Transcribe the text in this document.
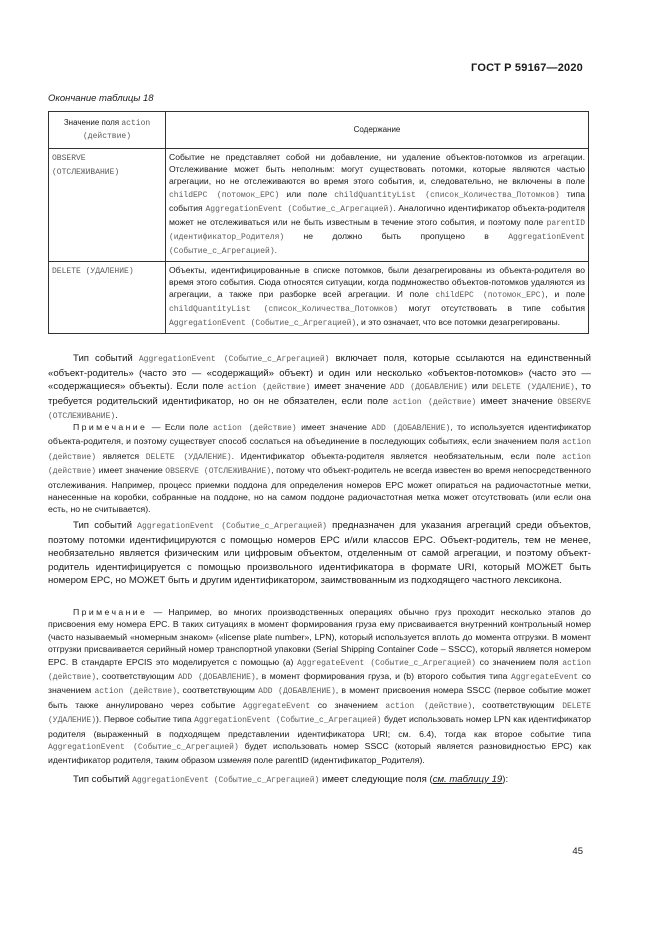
ГОСТ Р 59167—2020
Окончание таблицы 18
Значение поля action
(действие)	Содержание
OBSERVE
(ОТСЛЕЖИВАНИЕ)	Событие не представляет собой ни добавление, ни удаление объектов-потомков из агрегации. Отслеживание может быть неполным: могут существовать потомки, которые являются частью агрегации, но не отслеживаются во время этого события, и, следовательно, не включены в поле childEPC (потомок_EPC) или поле childQuantityList (список_Количества_Потомков) типа события AggregationEvent (Событие_с_Агрегацией). Аналогично идентификатор объекта-родителя может не отслеживаться или не быть известным в течение этого события, и поэтому поле parentID (идентификатор_Родителя) не должно быть пропущено в AggregationEvent (Событие_с_Агрегацией).
DELETE (УДАЛЕНИЕ)	Объекты, идентифицированные в списке потомков, были дезагрегированы из объекта-родителя во время этого события. Сюда относятся ситуации, когда подмножество объектов-потомков удаляются из агрегации, а также при разборке всей агрегации. И поле childEPC (потомок_EPC), и поле childQuantityList (список_Количества_Потомков) могут отсутствовать в типе события AggregationEvent (Событие_с_Агрегацией), и это означает, что все потомки дезагрегированы.

Тип событий AggregationEvent (Событие_с_Агрегацией) включает поля, которые ссылаются на единственный «объект-родитель» (часто это — «содержащий» объект) и один или несколько «объектов-потомков» (часто это — «содержащиеся» объекты). Если поле action (действие) имеет значение ADD (ДОБАВЛЕНИЕ) или DELETE (УДАЛЕНИЕ), то требуется родительский идентификатор, но он не обязателен, если поле action (действие) имеет значение OBSERVE (ОТСЛЕЖИВАНИЕ).

Примечание — Если поле action (действие) имеет значение ADD (ДОБАВЛЕНИЕ), то используется идентификатор объекта-родителя, и поэтому существует способ сослаться на объединение в последующих событиях, если значением поля action (действие) является DELETE (УДАЛЕНИЕ). Идентификатор объекта-родителя является необязательным, если поле action (действие) имеет значение OBSERVE (ОТСЛЕЖИВАНИЕ), потому что объект-родитель не всегда известен во время непосредственного отслеживания. Например, процесс приемки поддона для определения номеров EPC может опираться на радиочастотные метки, нанесенные на коробки, собранные на поддоне, но на самом поддоне радиочастотная метка может отсутствовать (или если она есть, но не считывается).

Тип событий AggregationEvent (Событие_с_Агрегацией) предназначен для указания агрегаций среди объектов, поэтому потомки идентифицируются с помощью номеров EPC и/или классов EPC. Объект-родитель, тем не менее, необязательно является физическим или цифровым объектом, отделенным от самой агрегации, и поэтому объект-родитель идентифицируется с помощью произвольного идентификатора в формате URI, который МОЖЕТ быть номером EPC, но МОЖЕТ быть и другим идентификатором, заимствованным из подходящего частного лексикона.

Примечание — Например, во многих производственных операциях обычно груз проходит несколько этапов до присвоения ему номера EPC. В таких ситуациях в момент формирования груза ему присваивается внутренний контрольный номер (часто называемый «номерным знаком» («license plate number», LPN), который используется вплоть до момента отгрузки. В момент отгрузки присваивается серийный номер транспортной упаковки (Serial Shipping Container Code – SSCC), который является номером EPC. В стандарте EPCIS это моделируется с помощью (a) AggregateEvent (Событие_с_Агрегацией) со значением поля action (действие), соответствующим ADD (ДОБАВЛЕНИЕ), в момент формирования груза, и (b) второго события типа AggregateEvent со значением action (действие), соответствующим ADD (ДОБАВЛЕНИЕ), в момент присвоения номера SSCC (первое событие может быть также аннулировано через событие AggregateEvent со значением action (действие), соответствующим DELETE (УДАЛЕНИЕ)). Первое событие типа AggregationEvent (Событие_с_Агрегацией) будет использовать номер LPN как идентификатор родителя (выраженный в подходящем представлении идентификатора URI; см. 6.4), тогда как второе событие типа AggregationEvent (Событие_с_Агрегацией) будет использовать номер SSCC (который является разновидностью EPC) как идентификатор родителя, таким образом изменяя поле parentID (идентификатор_Родителя).

Тип событий AggregationEvent (Событие_с_Агрегацией) имеет следующие поля (см. таблицу 19):

45
